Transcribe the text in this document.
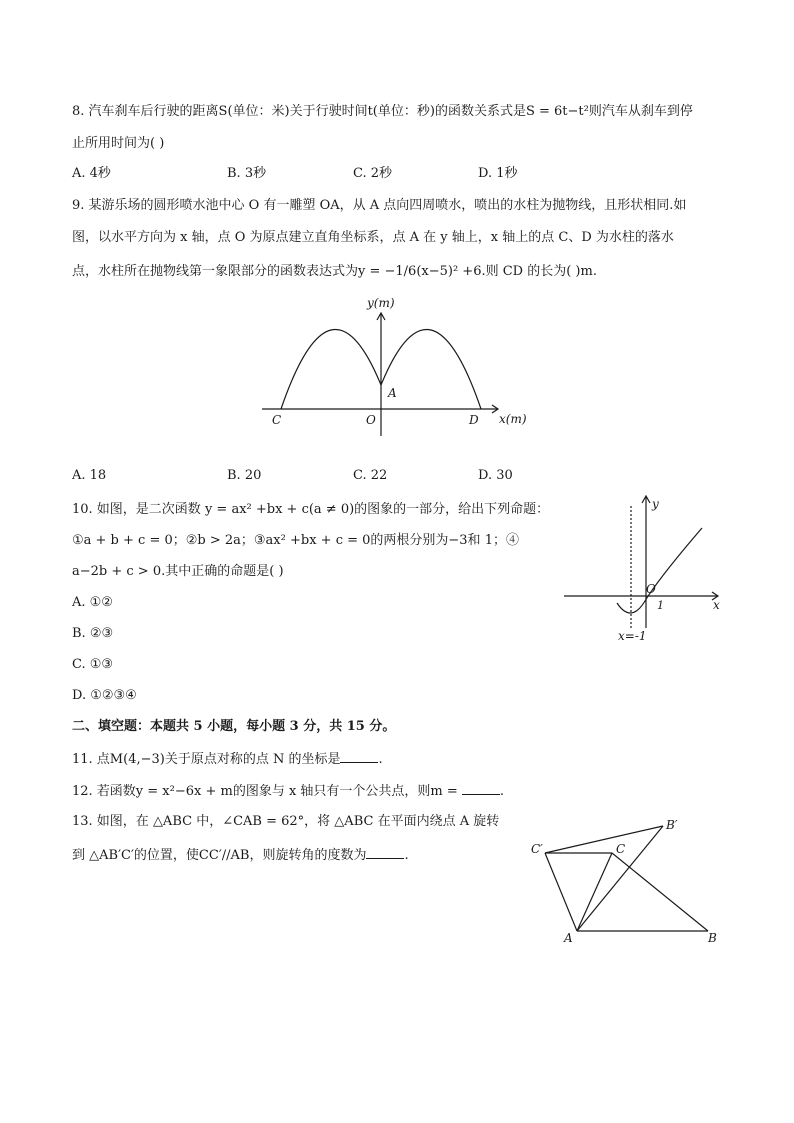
8. 汽车刹车后行驶的距离S(单位：米)关于行驶时间t(单位：秒)的函数关系式是S = 6t−t²则汽车从刹车到停
止所用时间为( )
A. 4秒	B. 3秒	C. 2秒	D. 1秒
9. 某游乐场的圆形喷水池中心 O 有一雕塑 OA，从 A 点向四周喷水，喷出的水柱为抛物线，且形状相同.如
图，以水平方向为 x 轴，点 O 为原点建立直角坐标系，点 A 在 y 轴上，x 轴上的点 C、D 为水柱的落水
点，水柱所在抛物线第一象限部分的函数表达式为y = −1/6(x−5)² +6.则 CD 的长为( )m.
y(m)
x(m)
A
C	O	D
A. 18	B. 20	C. 22	D. 30
10. 如图，是二次函数 y = ax² +bx + c(a ≠ 0)的图象的一部分，给出下列命题：
①a + b + c = 0；②b > 2a；③ax² +bx + c = 0的两根分别为−3和 1；④
a−2b + c > 0.其中正确的命题是( )
A. ①②
B. ②③
C. ①③
D. ①②③④
y
x
O
1
x=-1
二、填空题：本题共 5 小题，每小题 3 分，共 15 分。
11. 点M(4,−3)关于原点对称的点 N 的坐标是	.
12. 若函数y = x²−6x + m的图象与 x 轴只有一个公共点，则m =	.
13. 如图，在 △ABC 中，∠CAB = 62°，将 △ABC 在平面内绕点 A 旋转
到 △AB′C′的位置，使CC′//AB，则旋转角的度数为	.	C′	C
B′
A	B
